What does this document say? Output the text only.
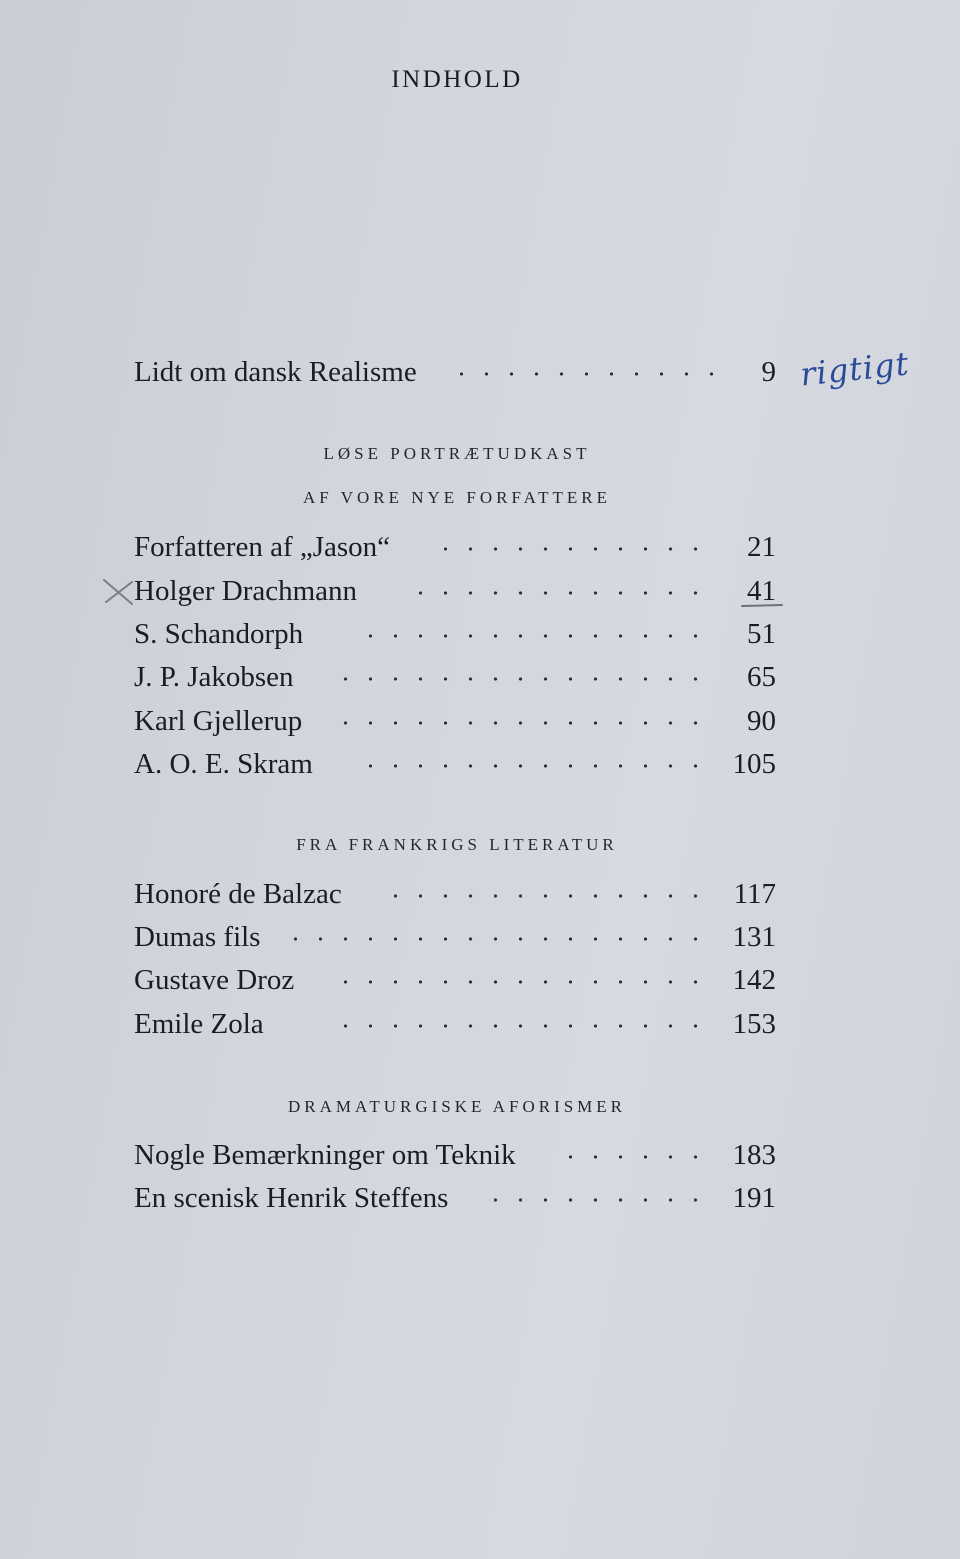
INDHOLD
Lidt om dansk Realisme	9 rigtigt
LØSE PORTRÆTUDKAST
AF VORE NYE FORFATTERE
Forfatteren af „Jason“	21
Holger Drachmann	41
S. Schandorph	51
J. P. Jakobsen	65
Karl Gjellerup	90
A. O. E. Skram	105
FRA FRANKRIGS LITERATUR
Honoré de Balzac	117
Dumas fils	131
Gustave Droz	142
Emile Zola	153
DRAMATURGISKE AFORISMER
Nogle Bemærkninger om Teknik	183
En scenisk Henrik Steffens	191
